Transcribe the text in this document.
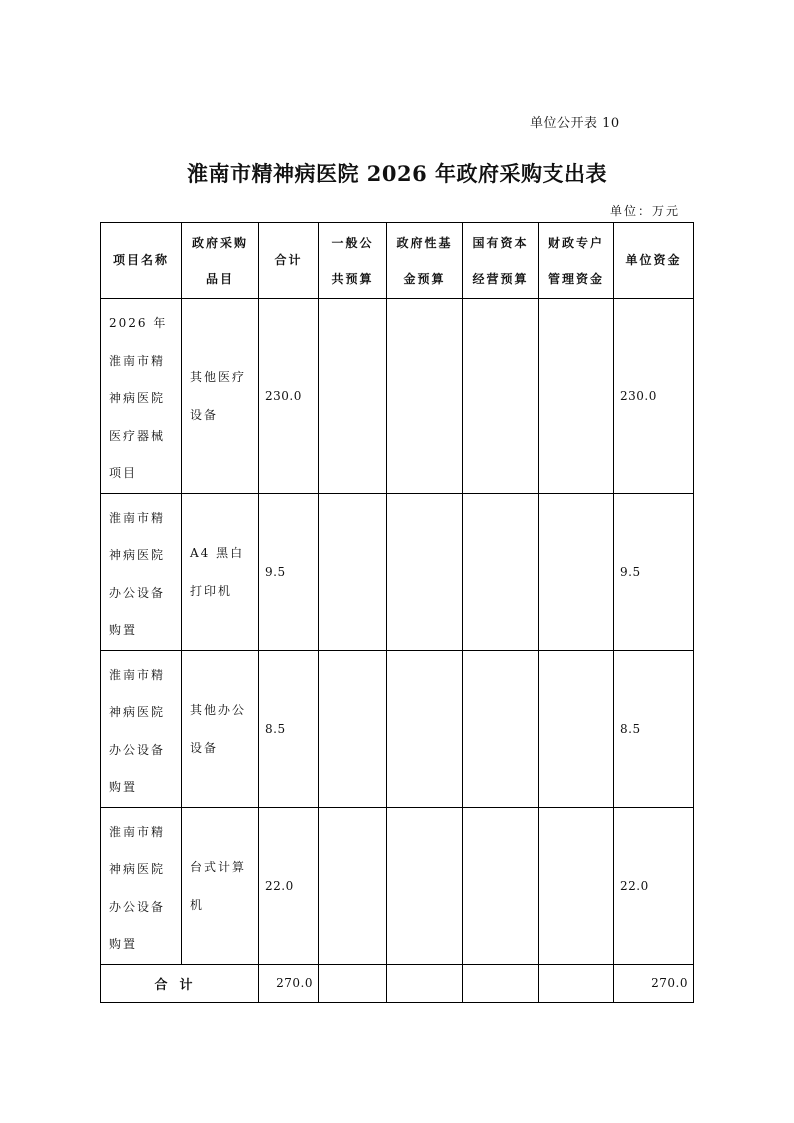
单位公开表 10
淮南市精神病医院 2026 年政府采购支出表
单位：万元
项目名称	政府采购品目	合计	一般公共预算	政府性基金预算	国有资本经营预算	财政专户管理资金	单位资金
2026 年淮南市精神病医院医疗器械项目	其他医疗设备	230.0					230.0
淮南市精神病医院办公设备购置	A4 黑白打印机	9.5					9.5
淮南市精神病医院办公设备购置	其他办公设备	8.5					8.5
淮南市精神病医院办公设备购置	台式计算机	22.0					22.0
合计		270.0					270.0
